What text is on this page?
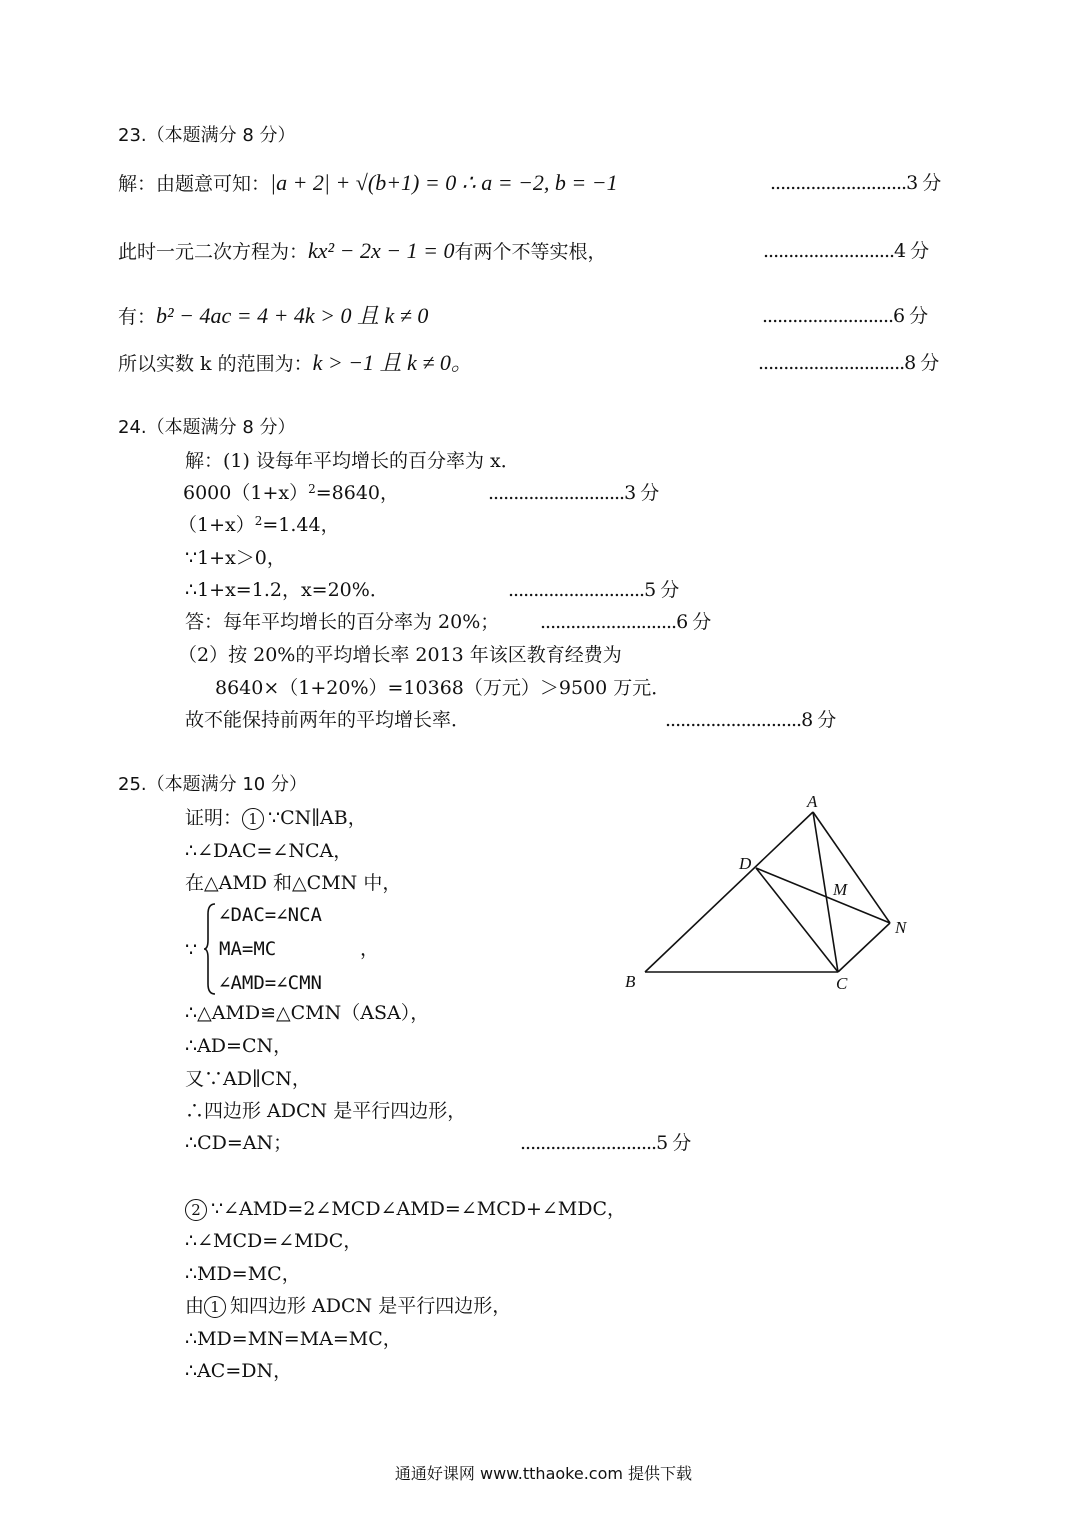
23.（本题满分 8 分）
解：由题意可知：|a + 2| + √(b+1) = 0 ∴ a = −2, b = −1	...........................3 分
此时一元二次方程为：kx² − 2x − 1 = 0有两个不等实根，	..........................4 分
有：b² − 4ac = 4 + 4k > 0 且 k ≠ 0	..........................6 分
所以实数 k 的范围为：k > −1 且 k ≠ 0。	.............................8 分
24.（本题满分 8 分）
解：(1) 设每年平均增长的百分率为 x．
$6000(1+x)^2=8640$，	...........................3 分
$(1+x)^2=1.44$，
∵1+x＞0，
∴1+x=1.2，x=20%．	...........................5 分
答：每年平均增长的百分率为 20%； ...........................6 分
（2）按 20%的平均增长率 2013 年该区教育经费为
8640×（1+20%）=10368（万元）＞9500 万元．
故不能保持前两年的平均增长率．	...........................8 分
25.（本题满分 10 分）
证明： 1 ∵CN∥AB，
∴∠DAC=∠NCA，
在△AMD 和△CMN 中，
∵
∠DAC=∠NCA
MA=MC	，
∠AMD=∠CMN
∴△AMD≌△CMN（ASA），
∴AD=CN，
又∵AD∥CN，
∴四边形 ADCN 是平行四边形，
∴CD=AN；	...........................5 分
2 ∵∠AMD=2∠MCD∠AMD=∠MCD+∠MDC，
∴∠MCD=∠MDC，
∴MD=MC，
由 1 知四边形 ADCN 是平行四边形，
∴MD=MN=MA=MC，
∴AC=DN，
A
B	C
D
M
N
通通好课网 www.tthaoke.com 提供下载
